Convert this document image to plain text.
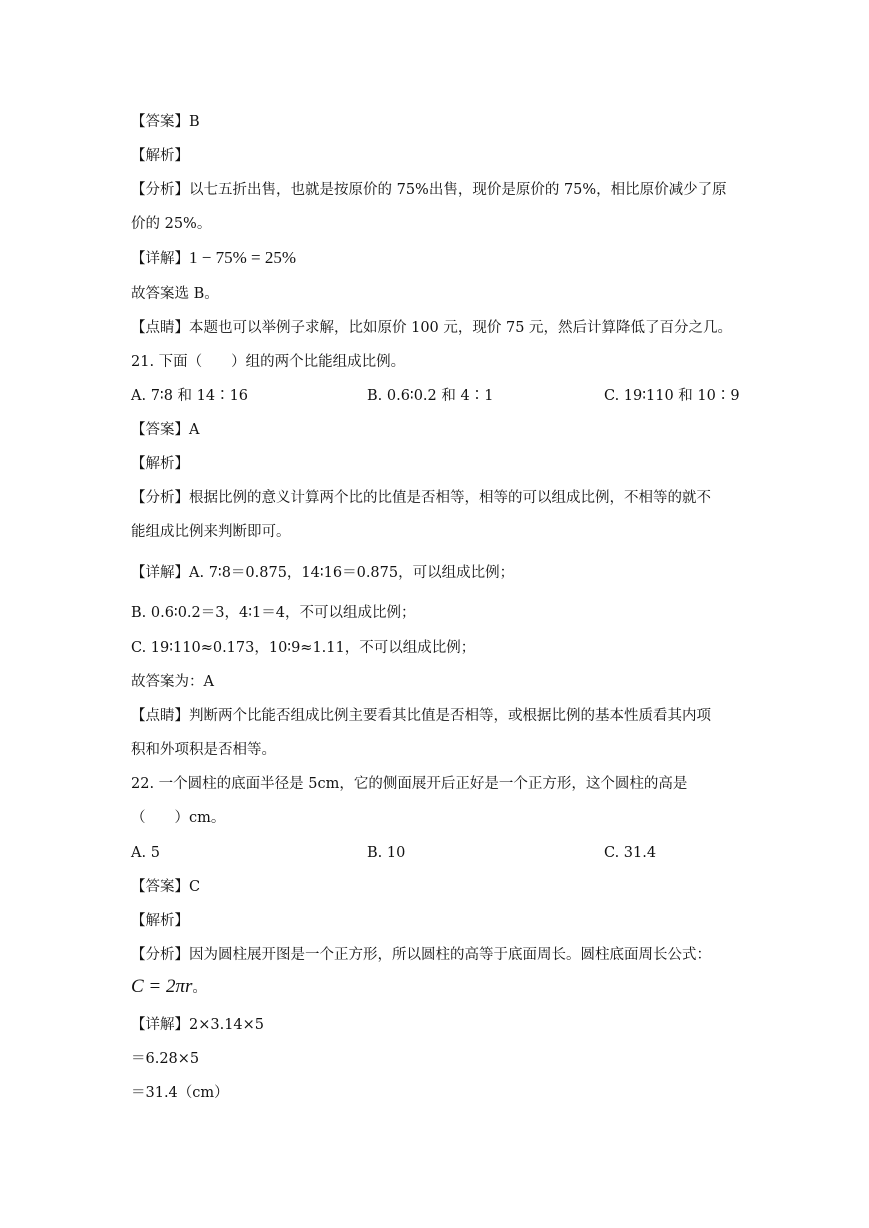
【答案】B
【解析】
【分析】以七五折出售，也就是按原价的 75%出售，现价是原价的 75%，相比原价减少了原
价的 25%。
【详解】1 − 75% = 25%
故答案选 B。
【点睛】本题也可以举例子求解，比如原价 100 元，现价 75 元，然后计算降低了百分之几。
21. 下面（　　）组的两个比能组成比例。
A. 7∶8 和 14∶16	B. 0.6∶0.2 和 4∶1	C. 19∶110 和 10∶9
【答案】A
【解析】
【分析】根据比例的意义计算两个比的比值是否相等，相等的可以组成比例，不相等的就不
能组成比例来判断即可。
【详解】A. 7∶8＝0.875，14∶16＝0.875，可以组成比例；
B. 0.6∶0.2＝3，4∶1＝4，不可以组成比例；
C. 19∶110≈0.173，10∶9≈1.11，不可以组成比例；
故答案为：A
【点睛】判断两个比能否组成比例主要看其比值是否相等，或根据比例的基本性质看其内项
积和外项积是否相等。
22. 一个圆柱的底面半径是 5cm，它的侧面展开后正好是一个正方形，这个圆柱的高是
（　　）cm。
A. 5	B. 10	C. 31.4
【答案】C
【解析】
【分析】因为圆柱展开图是一个正方形，所以圆柱的高等于底面周长。圆柱底面周长公式：
C = 2πr。
【详解】2×3.14×5
＝6.28×5
＝31.4（cm）
